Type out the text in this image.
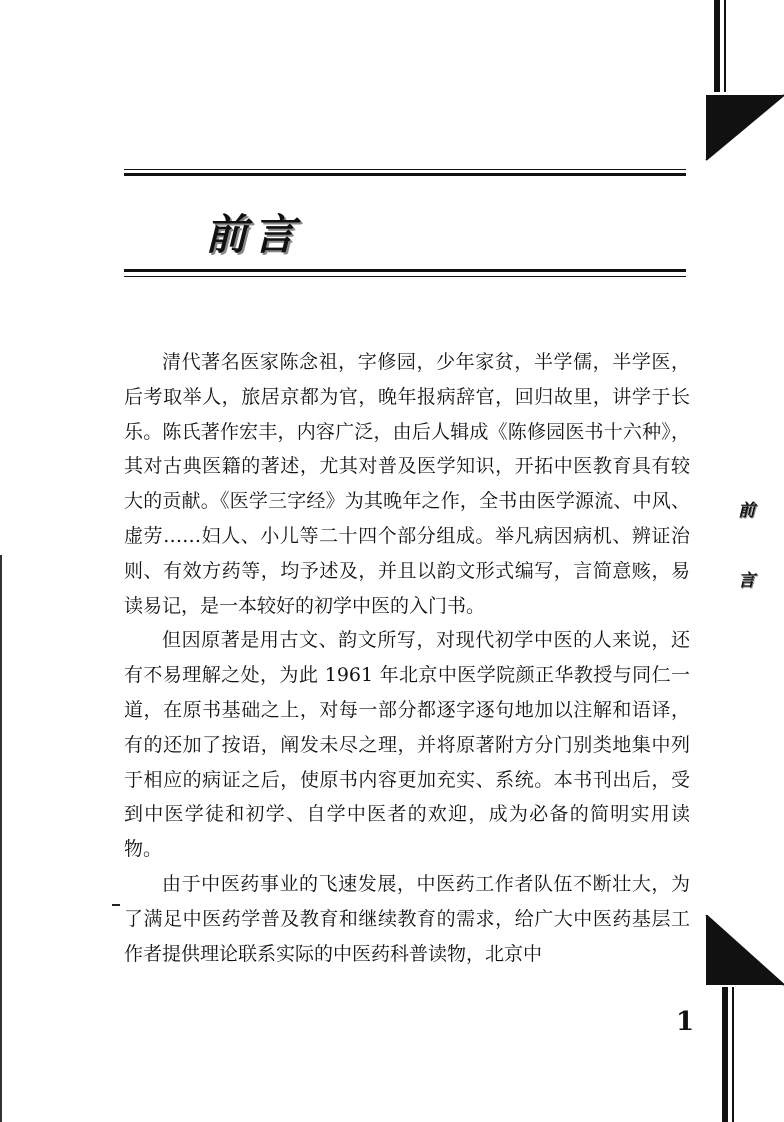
前言

清代著名医家陈念祖，字修园，少年家贫，半学儒，半学医，后考取举人，旅居京都为官，晚年报病辞官，回归故里，讲学于长乐。陈氏著作宏丰，内容广泛，由后人辑成《陈修园医书十六种》，其对古典医籍的著述，尤其对普及医学知识，开拓中医教育具有较大的贡献。《医学三字经》为其晚年之作，全书由医学源流、中风、虚劳……妇人、小儿等二十四个部分组成。举凡病因病机、辨证治则、有效方药等，均予述及，并且以韵文形式编写，言简意赅，易读易记，是一本较好的初学中医的入门书。

但因原著是用古文、韵文所写，对现代初学中医的人来说，还有不易理解之处，为此 1961 年北京中医学院颜正华教授与同仁一道，在原书基础之上，对每一部分都逐字逐句地加以注解和语译，有的还加了按语，阐发未尽之理，并将原著附方分门别类地集中列于相应的病证之后，使原书内容更加充实、系统。本书刊出后，受到中医学徒和初学、自学中医者的欢迎，成为必备的简明实用读物。

由于中医药事业的飞速发展，中医药工作者队伍不断壮大，为了满足中医药学普及教育和继续教育的需求，给广大中医药基层工作者提供理论联系实际的中医药科普读物，北京中

前
言
1
